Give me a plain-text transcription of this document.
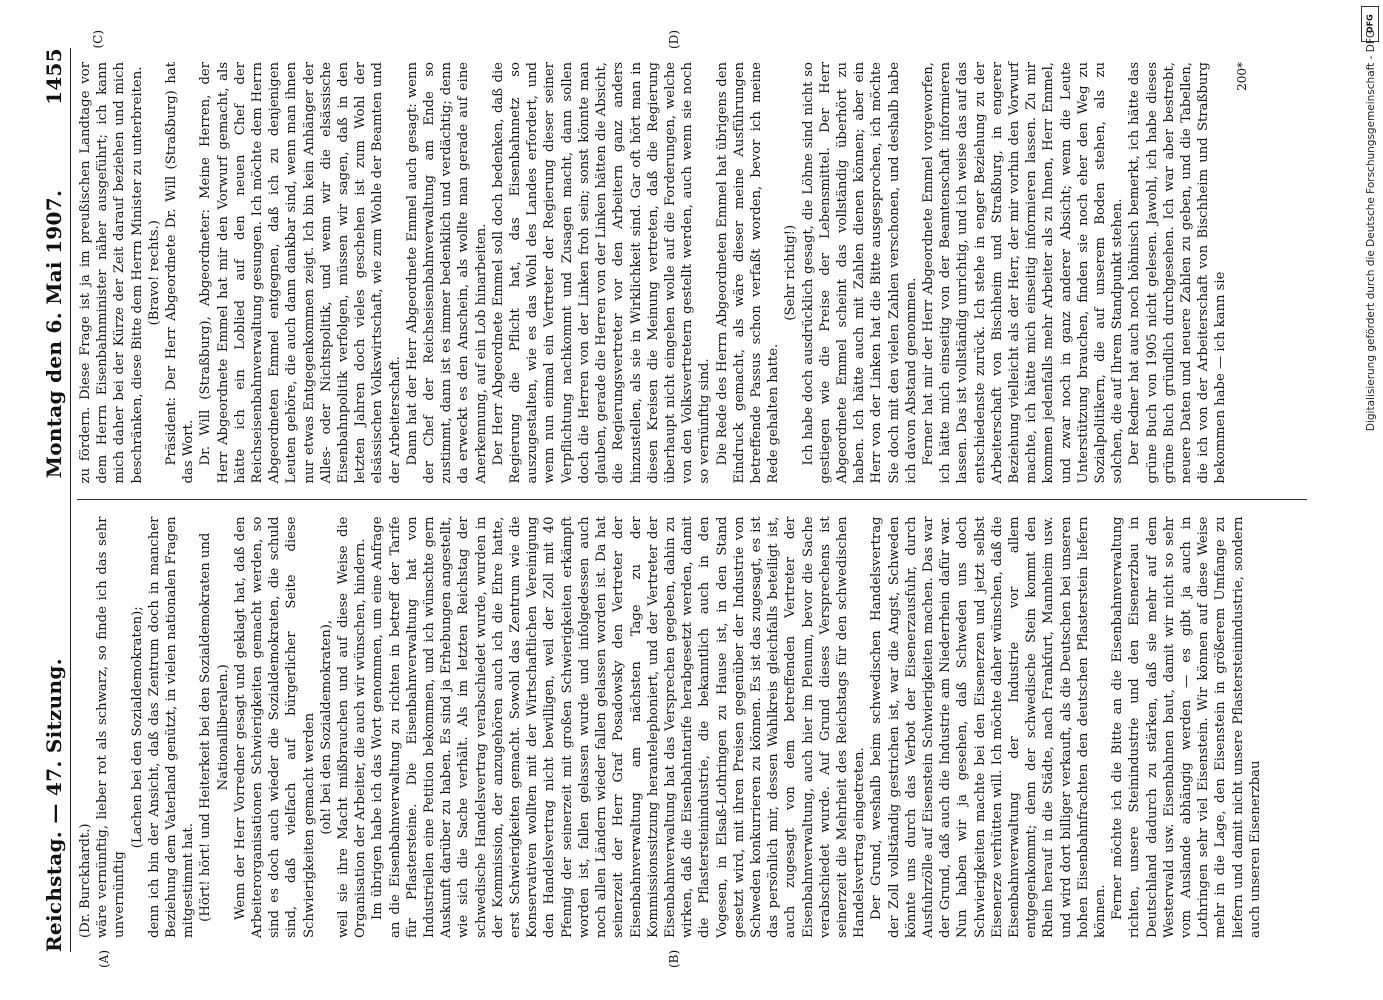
Reichstag. — 47. Sitzung.
Montag den 6. Mai 1907.
1455
(A)	(B)
(C)	(D)

(Dr. Burckhardt.) wäre vernünftig, lieber rot als schwarz, so finde ich das sehr unvernünftig

(Lachen bei den Sozialdemokraten); denn ich bin der Ansicht, daß das Zentrum doch in mancher Beziehung dem Vaterland genützt, in vielen nationalen Fragen mitgestimmt hat. (Hört! hört! und Heiterkeit bei den Sozialdemokraten und Nationalliberalen.) Wenn der Herr Vorredner gesagt und geklagt hat, daß den Arbeiterorganisationen Schwierigkeiten gemacht werden, so sind es doch auch wieder die Sozialdemokraten, die schuld sind, daß vielfach auf bürgerlicher Seite diese Schwierigkeiten gemacht werden (oh! bei den Sozialdemokraten), weil sie ihre Macht mißbrauchen und auf diese Weise die Organisation der Arbeiter, die auch wir wünschen, hindern. Im übrigen habe ich das Wort genommen, um eine Anfrage an die Eisenbahnverwaltung zu richten in betreff der Tarife für Pflastersteine. Die Eisenbahnverwaltung hat von Industriellen eine Petition bekommen, und ich wünschte gern Auskunft darüber zu haben. Es sind ja Erhebungen angestellt, wie sich die Sache verhält. Als im letzten Reichstag der schwedische Handelsvertrag verabschiedet wurde, wurden in der Kommission, der anzugehören auch ich die Ehre hatte, erst Schwierigkeiten gemacht. Sowohl das Zentrum wie die Konservativen wollten mit der Wirtschaftlichen Vereinigung den Handelsvertrag nicht bewilligen, weil der Zoll mit 40 Pfennig der seinerzeit mit großen Schwierigkeiten erkämpft worden ist, fallen gelassen wurde und infolgedessen auch noch allen Ländern wieder fallen gelassen worden ist. Da hat seinerzeit der Herr Graf Posadowsky den Vertreter der Eisenbahnverwaltung am nächsten Tage zu der Kommissionssitzung herantelephoniert, und der Vertreter der Eisenbahnverwaltung hat das Versprechen gegeben, dahin zu wirken, daß die Eisenbahntarife herabgesetzt werden, damit die Pflastersteinindustrie, die bekanntlich auch in den Vogesen, in Elsaß-Lothringen zu Hause ist, in den Stand gesetzt wird, mit ihren Preisen gegenüber der Industrie von Schweden konkurrieren zu können. Es ist das zugesagt, es ist das persönlich mir, dessen Wahlkreis gleichfalls beteiligt ist, auch zugesagt von dem betreffenden Vertreter der Eisenbahnverwaltung, auch hier im Plenum, bevor die Sache verabschiedet wurde. Auf Grund dieses Versprechens ist seinerzeit die Mehrheit des Reichstags für den schwedischen Handelsvertrag eingetreten. Der Grund, weshalb beim schwedischen Handelsvertrag der Zoll vollständig gestrichen ist, war die Angst, Schweden könnte uns durch das Verbot der Eisenerzausfuhr, durch Ausfuhrzölle auf Eisenstein Schwierigkeiten machen. Das war der Grund, daß auch die Industrie am Niederrhein dafür war. Nun haben wir ja gesehen, daß Schweden uns doch Schwierigkeiten machte bei den Eisenerzen und jetzt selbst Eisenerze verhütten will. Ich möchte daher wünschen, daß die Eisenbahnverwaltung der Industrie vor allem entgegenkommt; denn der schwedische Stein kommt den Rhein herauf in die Städte, nach Frankfurt, Mannheim usw. und wird dort billiger verkauft, als die Deutschen bei unseren hohen Eisenbahnfrachten den deutschen Pflasterstein liefern können. Ferner möchte ich die Bitte an die Eisenbahnverwaltung richten, unsere Steinindustrie und den Eisenerzbau in Deutschland dadurch zu stärken, daß sie mehr auf dem Westerwald usw. Eisenbahnen baut, damit wir nicht so sehr vom Auslande abhängig werden — es gibt ja auch in Lothringen sehr viel Eisenstein. Wir können auf diese Weise mehr in die Lage, den Eisenstein in größerem Umfange zu liefern und damit nicht unsere Pflastersteinindustrie, sondern auch unseren Eisenerzbau

zu fördern. Diese Frage ist ja im preußischen Landtage vor dem Herrn Eisenbahnminister näher ausgeführt; ich kann mich daher bei der Kürze der Zeit darauf beziehen und mich beschränken, diese Bitte dem Herrn Minister zu unterbreiten. (Bravo! rechts.) Präsident: Der Herr Abgeordnete Dr. Will (Straßburg) hat das Wort. Dr. Will (Straßburg), Abgeordneter: Meine Herren, der Herr Abgeordnete Emmel hat mir den Vorwurf gemacht, als hätte ich ein Loblied auf den neuen Chef der Reichseisenbahnverwaltung gesungen. Ich möchte dem Herrn Abgeordneten Emmel entgegnen, daß ich zu denjenigen Leuten gehöre, die auch dann dankbar sind, wenn man ihnen nur etwas Entgegenkommen zeigt. Ich bin kein Anhänger der Alles- oder Nichtspolitik, und wenn wir die elsässische Eisenbahnpolitik verfolgen, müssen wir sagen, daß in den letzten Jahren doch vieles geschehen ist zum Wohl der elsässischen Volkswirtschaft, wie zum Wohle der Beamten und der Arbeiterschaft. Dann hat der Herr Abgeordnete Emmel auch gesagt: wenn der Chef der Reichseisenbahnverwaltung am Ende so zustimmt, dann ist es immer bedenklich und verdächtig; denn da erweckt es den Anschein, als wollte man gerade auf eine Anerkennung, auf ein Lob hinarbeiten. Der Herr Abgeordnete Emmel soll doch bedenken, daß die Regierung die Pflicht hat, das Eisenbahnnetz so auszugestalten, wie es das Wohl des Landes erfordert, und wenn nun einmal ein Vertreter der Regierung dieser seiner Verpflichtung nachkommt und Zusagen macht, dann sollen doch die Herren von der Linken froh sein; sonst könnte man glauben, gerade die Herren von der Linken hätten die Absicht, die Regierungsvertreter vor den Arbeitern ganz anders hinzustellen, als sie in Wirklichkeit sind. Gar oft hört man in diesen Kreisen die Meinung vertreten, daß die Regierung überhaupt nicht eingehen wolle auf die Forderungen, welche von den Volksvertretern gestellt werden, auch wenn sie noch so vernünftig sind. Die Rede des Herrn Abgeordneten Emmel hat übrigens den Eindruck gemacht, als wäre dieser meine Ausführungen betreffende Passus schon verfaßt worden, bevor ich meine Rede gehalten hatte.

(Sehr richtig!) Ich habe doch ausdrücklich gesagt, die Löhne sind nicht so gestiegen wie die Preise der Lebensmittel. Der Herr Abgeordnete Emmel scheint das vollständig überhört zu haben. Ich hätte auch mit Zahlen dienen können; aber ein Herr von der Linken hat die Bitte ausgesprochen, ich möchte Sie doch mit den vielen Zahlen verschonen, und deshalb habe ich davon Abstand genommen. Ferner hat mir der Herr Abgeordnete Emmel vorgeworfen, ich hätte mich einseitig von der Beamtenschaft informieren lassen. Das ist vollständig unrichtig, und ich weise das auf das entschiedenste zurück. Ich stehe in enger Beziehung zu der Arbeiterschaft von Bischheim und Straßburg, in engerer Beziehung vielleicht als der Herr, der mir vorhin den Vorwurf machte, ich hätte mich einseitig informieren lassen. Zu mir kommen jedenfalls mehr Arbeiter als zu Ihnen, Herr Emmel, und zwar noch in ganz anderer Absicht; wenn die Leute Unterstützung brauchen, finden sie noch eher den Weg zu Sozialpolitikern, die auf unserem Boden stehen, als zu solchen, die auf Ihrem Standpunkt stehen. Der Redner hat auch noch höhnisch bemerkt, ich hätte das grüne Buch von 1905 nicht gelesen. Jawohl, ich habe dieses grüne Buch gründlich durchgesehen. Ich war aber bestrebt, neuere Daten und neuere Zahlen zu geben, und die Tabellen, die ich von der Arbeiterschaft von Bischheim und Straßburg bekommen habe — ich kann sie

200*
DFG
Digitalisierung gefördert durch die Deutsche Forschungsgemeinschaft - DFG
